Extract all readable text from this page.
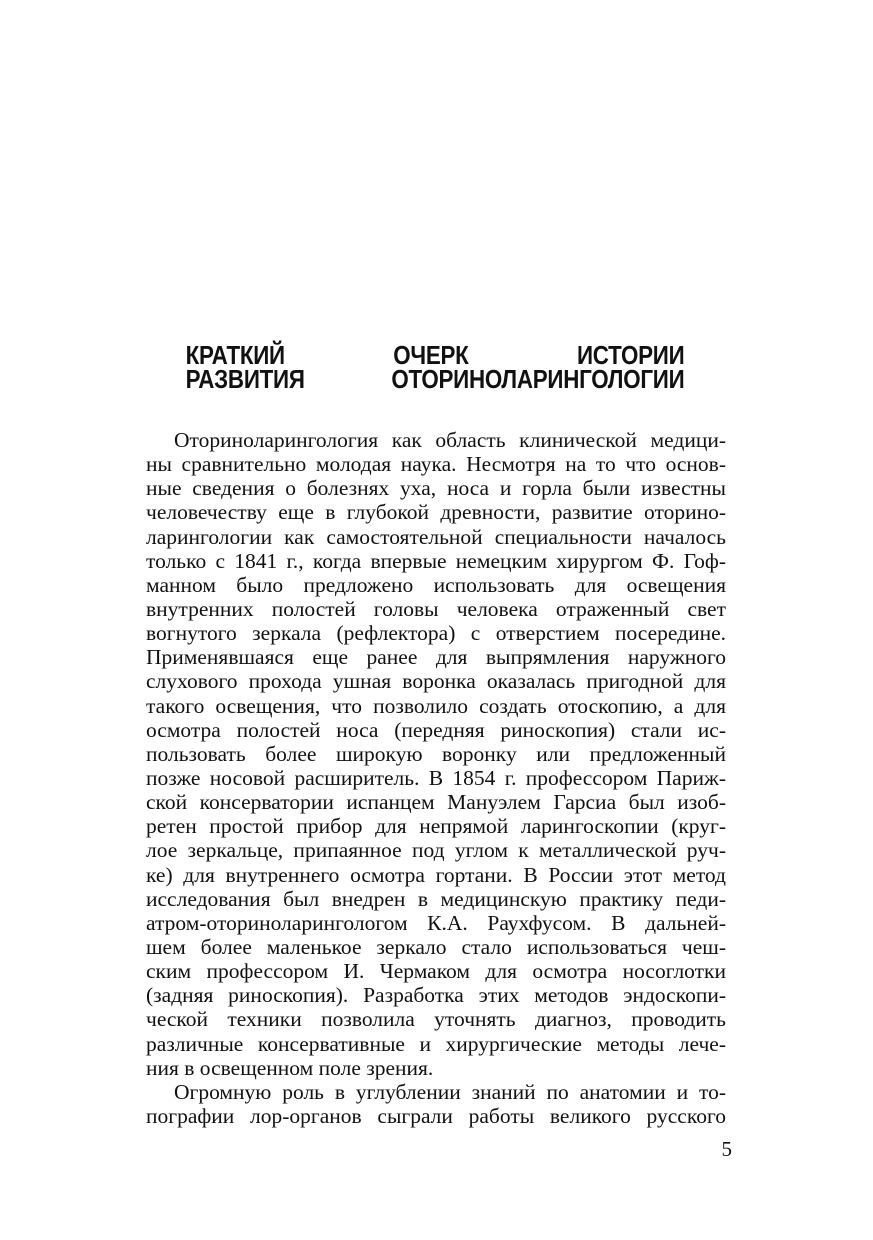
КРАТКИЙ ОЧЕРК ИСТОРИИ
РАЗВИТИЯ ОТОРИНОЛАРИНГОЛОГИИ
Оториноларингология как область клинической медици-
ны сравнительно молодая наука. Несмотря на то что основ-
ные сведения о болезнях уха, носа и горла были известны
человечеству еще в глубокой древности, развитие оторино-
ларингологии как самостоятельной специальности началось
только с 1841 г., когда впервые немецким хирургом Ф. Гоф-
манном было предложено использовать для освещения
внутренних полостей головы человека отраженный свет
вогнутого зеркала (рефлектора) с отверстием посередине.
Применявшаяся еще ранее для выпрямления наружного
слухового прохода ушная воронка оказалась пригодной для
такого освещения, что позволило создать отоскопию, а для
осмотра полостей носа (передняя риноскопия) стали ис-
пользовать более широкую воронку или предложенный
позже носовой расширитель. В 1854 г. профессором Париж-
ской консерватории испанцем Мануэлем Гарсиа был изоб-
ретен простой прибор для непрямой ларингоскопии (круг-
лое зеркальце, припаянное под углом к металлической руч-
ке) для внутреннего осмотра гортани. В России этот метод
исследования был внедрен в медицинскую практику педи-
атром-оториноларингологом К.А. Раухфусом. В дальней-
шем более маленькое зеркало стало использоваться чеш-
ским профессором И. Чермаком для осмотра носоглотки
(задняя риноскопия). Разработка этих методов эндоскопи-
ческой техники позволила уточнять диагноз, проводить
различные консервативные и хирургические методы лече-
ния в освещенном поле зрения.
Огромную роль в углублении знаний по анатомии и то-
пографии лор-органов сыграли работы великого русского
5
